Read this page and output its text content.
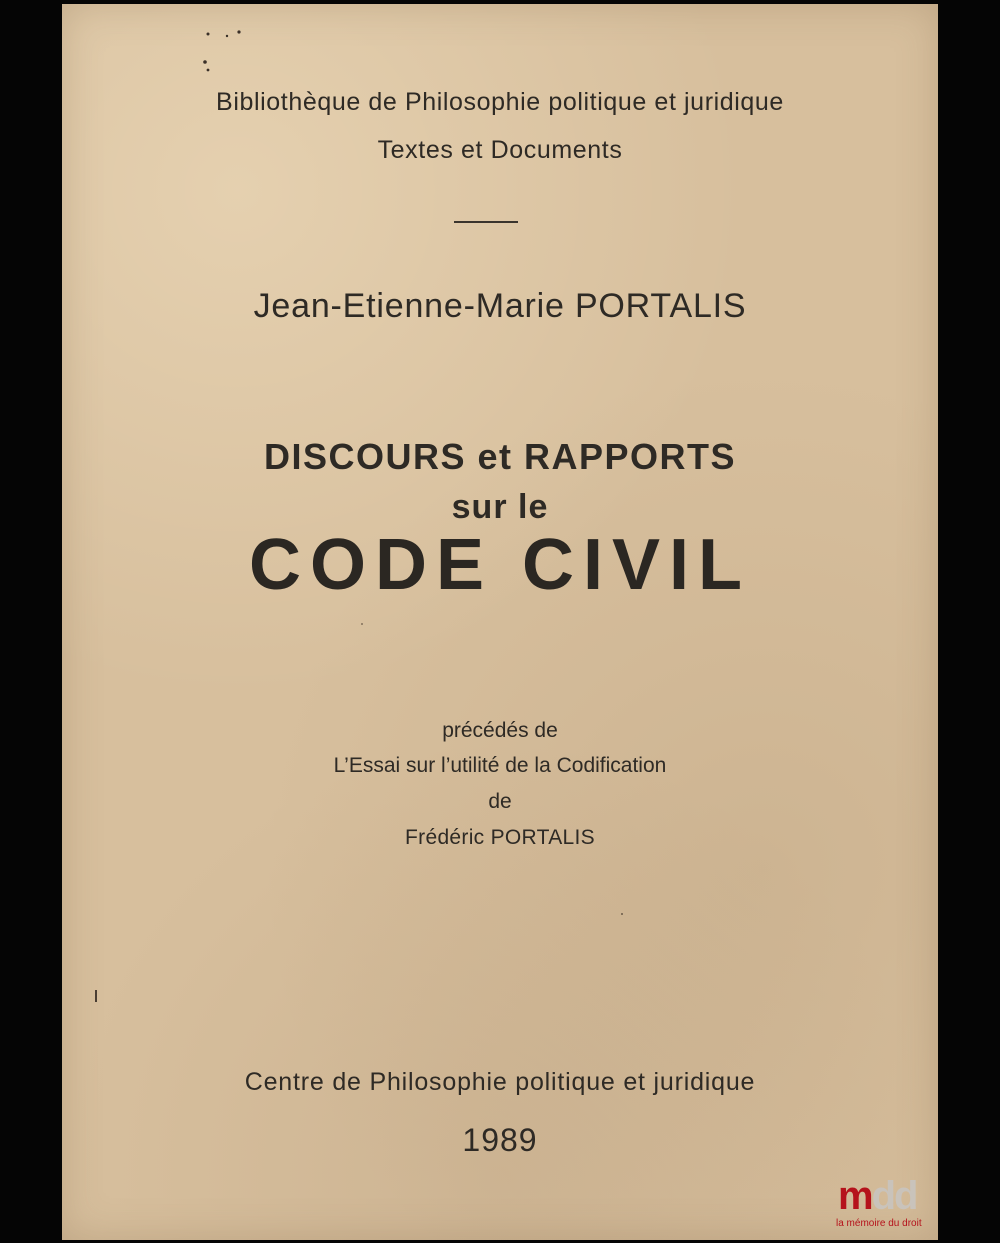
Bibliothèque de Philosophie politique et juridique
Textes et Documents
Jean-Etienne-Marie PORTALIS
DISCOURS et RAPPORTS
sur le
CODE CIVIL
précédés de
L’Essai sur l’utilité de la Codification
de
Frédéric PORTALIS
Centre de Philosophie politique et juridique
1989
mdd
la mémoire du droit
